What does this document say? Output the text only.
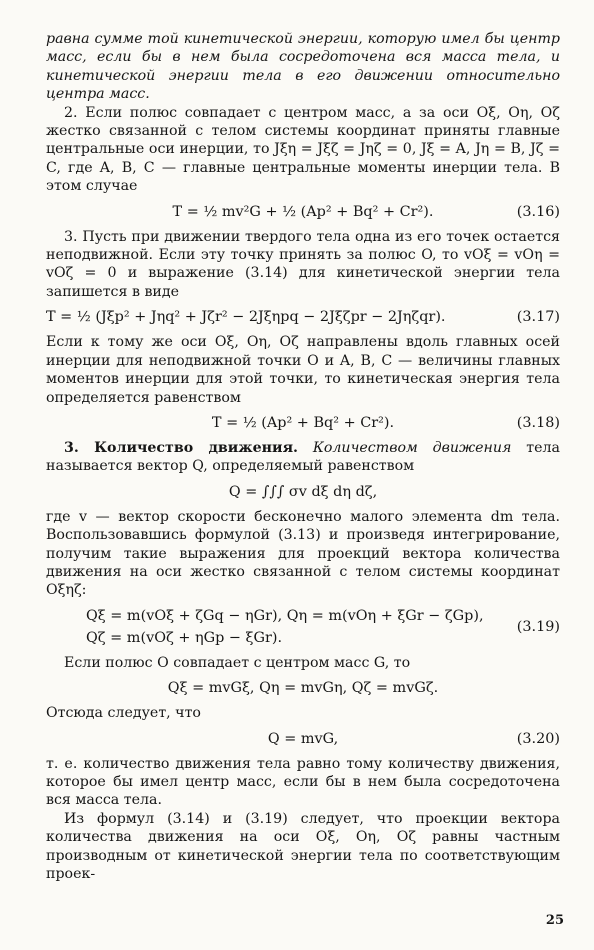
равна сумме той кинетической энергии, которую имел бы центр масс, если бы в нем была сосредоточена вся масса тела, и кинетической энергии тела в его движении относительно центра масс.

2. Если полюс совпадает с центром масс, а за оси Oξ, Oη, Oζ жестко связанной с телом системы координат приняты главные центральные оси инерции, то Jξη = Jξζ = Jηζ = 0, Jξ = A, Jη = B, Jζ = C, где A, B, C — главные центральные моменты инерции тела. В этом случае

T = ½ mv²G + ½ (Ap² + Bq² + Cr²).	(3.16)

3. Пусть при движении твердого тела одна из его точек остается неподвижной. Если эту точку принять за полюс O, то vOξ = vOη = vOζ = 0 и выражение (3.14) для кинетической энергии тела запишется в виде

T = ½ (Jξp² + Jηq² + Jζr² − 2Jξηpq − 2Jξζpr − 2Jηζqr).	(3.17)

Если к тому же оси Oξ, Oη, Oζ направлены вдоль главных осей инерции для неподвижной точки O и A, B, C — величины главных моментов инерции для этой точки, то кинетическая энергия тела определяется равенством

T = ½ (Ap² + Bq² + Cr²).	(3.18)

3. Количество движения. Количеством движения тела называется вектор Q, определяемый равенством

Q = ∫∫∫ σv dξ dη dζ,

где v — вектор скорости бесконечно малого элемента dm тела. Воспользовавшись формулой (3.13) и произведя интегрирование, получим такие выражения для проекций вектора количества движения на оси жестко связанной с телом системы координат Oξηζ:

Qξ = m(vOξ + ζGq − ηGr), Qη = m(vOη + ξGr − ζGp),
Qζ = m(vOζ + ηGp − ξGr).
(3.19)

Если полюс O совпадает с центром масс G, то

Qξ = mvGξ, Qη = mvGη, Qζ = mvGζ.

Отсюда следует, что

Q = mvG,	(3.20)

т. е. количество движения тела равно тому количеству движения, которое бы имел центр масс, если бы в нем была сосредоточена вся масса тела.

Из формул (3.14) и (3.19) следует, что проекции вектора количества движения на оси Oξ, Oη, Oζ равны частным производным от кинетической энергии тела по соответствующим проек-

25
